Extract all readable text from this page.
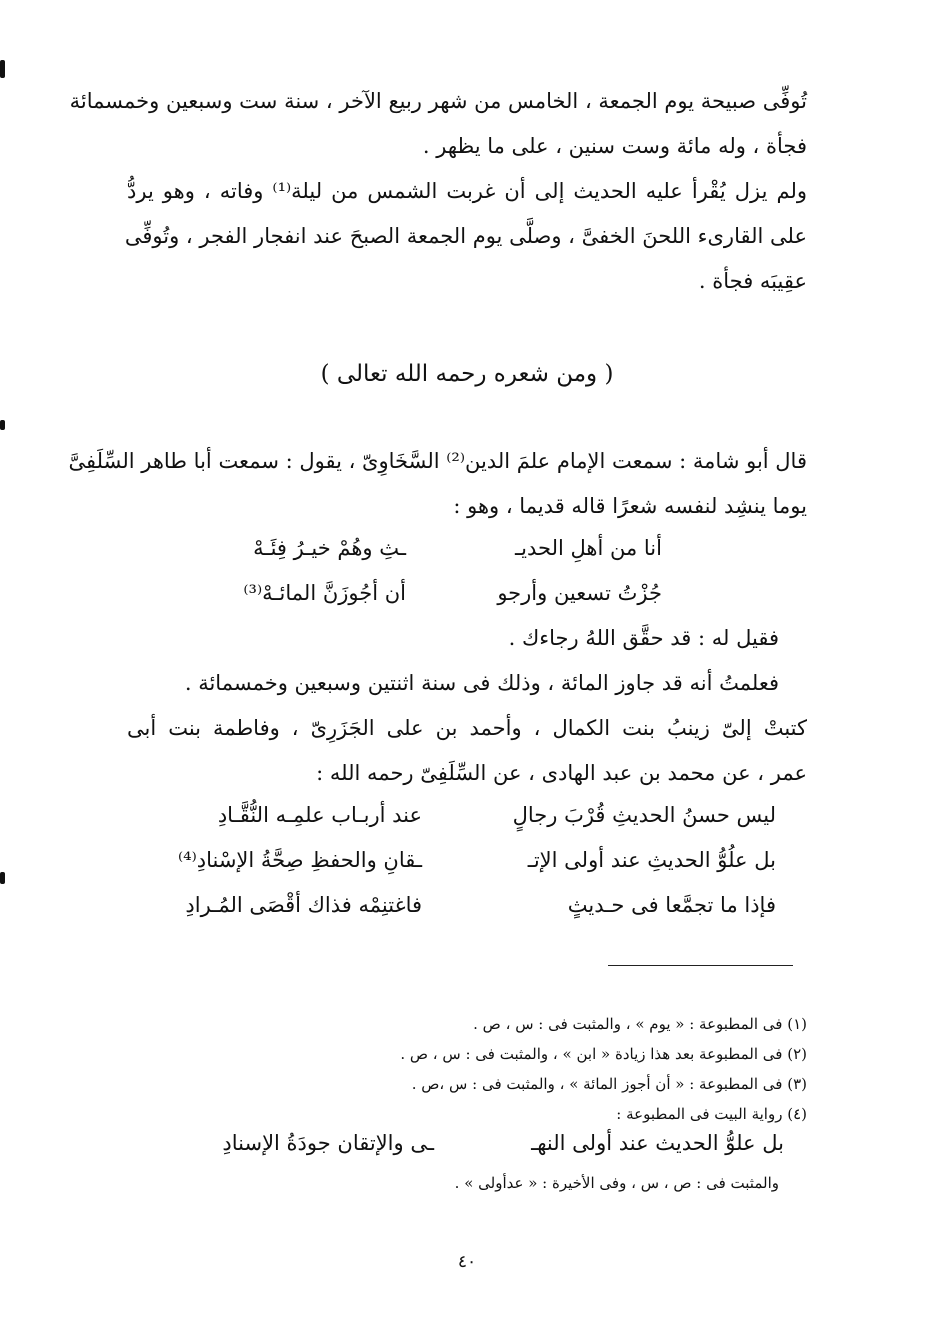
تُوفِّى صبيحة يوم الجمعة ، الخامس من شهر ربيع الآخر ، سنة ست وسبعين وخمسمائة
فجأة ، وله مائة وست سنين ، على ما يظهر .
ولم يزل يُقْرأ عليه الحديث إلى أن غربت الشمس من ليلة⁽¹⁾ وفاته ، وهو يردُّ
على القارىء اللحنَ الخفىَّ ، وصلَّى يوم الجمعة الصبحَ عند انفجار الفجر ، وتُوفِّى
عقِيبَه فجأة .
( ومن شعره رحمه الله تعالى )
قال أبو شامة : سمعت الإمام علمَ الدين⁽²⁾ السَّخَاوِىّ ، يقول : سمعت أبا طاهر السِّلَفِىَّ
يوما ينشِد لنفسه شعرًا قاله قديما ، وهو :
أنا من أهلِ الحديـ
ـثِ وهُمْ خيـرُ فِئَـهْ
جُزْتُ تسعين وأرجو
أن أجُوزَنَّ المائـهْ⁽³⁾
فقيل له : قد حقَّق اللهُ رجاءك .
فعلمتُ أنه قد جاوز المائة ، وذلك فى سنة اثنتين وسبعين وخمسمائة .
كتبتْ إلىّ زينبُ بنت الكمال ، وأحمد بن على الجَزَرِىّ ، وفاطمة بنت أبى
عمر ، عن محمد بن عبد الهادى ، عن السِّلَفِىّ رحمه الله :
ليس حسنُ الحديثِ قُرْبَ رجالٍ
عند أربـاب علمِـه النُّقَّـادِ
بل علُوُّ الحديثِ عند أولى الإتـ
ـقانِ والحفظِ صِحَّةُ الإسْنادِ⁽⁴⁾
فإذا ما تجمَّعا فى حـديثٍ
فاغتنِمْه فذاك أقْصَى المُـرادِ
(١) فى المطبوعة : « يوم » ، والمثبت فى : س ، ص .
(٢) فى المطبوعة بعد هذا زيادة « ابن » ، والمثبت فى : س ، ص .
(٣) فى المطبوعة : « أن أجوز المائة » ، والمثبت فى : س ،ص .
(٤) رواية البيت فى المطبوعة :
بل علوُّ الحديث عند أولى النهـ
ـى والإتقان جودَةُ الإسنادِ
والمثبت فى : ص ، س ، وفى الأخيرة : « عدأولى » .
٤٠
